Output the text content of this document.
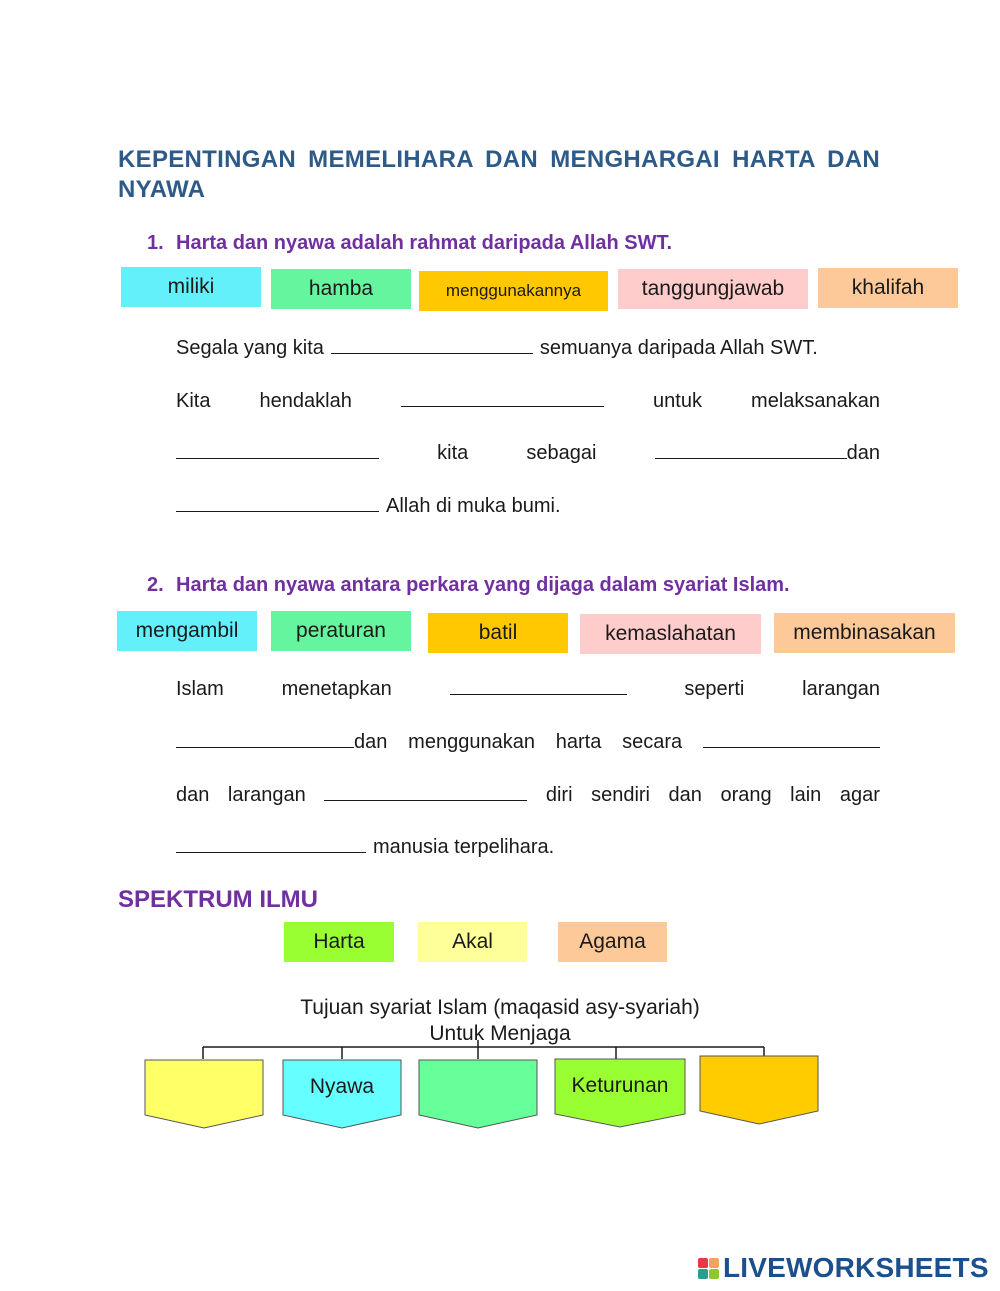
KEPENTINGAN MEMELIHARA DAN MENGHARGAI HARTA DAN NYAWA
1. Harta dan nyawa adalah rahmat daripada Allah SWT.
miliki	hamba	menggunakannya	tanggungjawab	khalifah
Segala yang kita	semuanya daripada Allah SWT.
Kita hendaklah	untuk melaksanakan
kita	sebagai	dan
Allah di muka bumi.
2. Harta dan nyawa antara perkara yang dijaga dalam syariat Islam.
mengambil	peraturan	batil	kemaslahatan	membinasakan
Islam	menetapkan	seperti	larangan
dan menggunakan harta secara
dan larangan	diri sendiri dan orang lain agar
manusia terpelihara.
SPEKTRUM ILMU
Harta	Akal	Agama
Tujuan syariat Islam (maqasid asy-syariah)
Untuk Menjaga
Nyawa	Keturunan
LIVEWORKSHEETS
